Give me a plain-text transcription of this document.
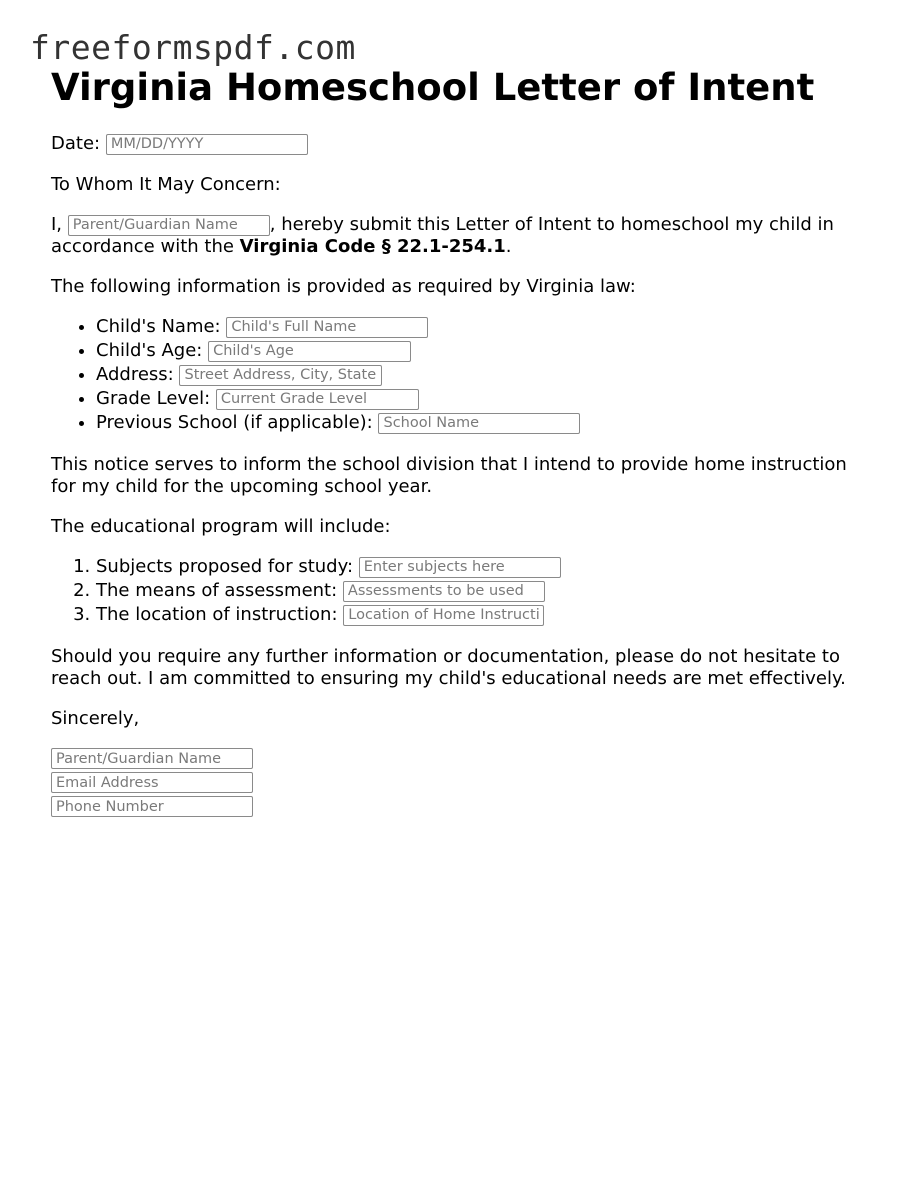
freeformspdf.com
Virginia Homeschool Letter of Intent

Date: MM/DD/YYYY

To Whom It May Concern:

I, Parent/Guardian Name	, hereby submit this Letter of Intent to homeschool my child in accordance with the Virginia Code § 22.1-254.1.

The following information is provided as required by Virginia law:

• Child's Name: Child's Full Name
• Child's Age: Child's Age
• Address: Street Address, City, State
• Grade Level: Current Grade Level
• Previous School (if applicable): School Name

This notice serves to inform the school division that I intend to provide home instruction for my child for the upcoming school year.

The educational program will include:

1. Subjects proposed for study: Enter subjects here
2. The means of assessment: Assessments to be used
3. The location of instruction: Location of Home Instruction

Should you require any further information or documentation, please do not hesitate to reach out. I am committed to ensuring my child's educational needs are met effectively.

Sincerely,

Parent/Guardian Name
Email Address
Phone Number
